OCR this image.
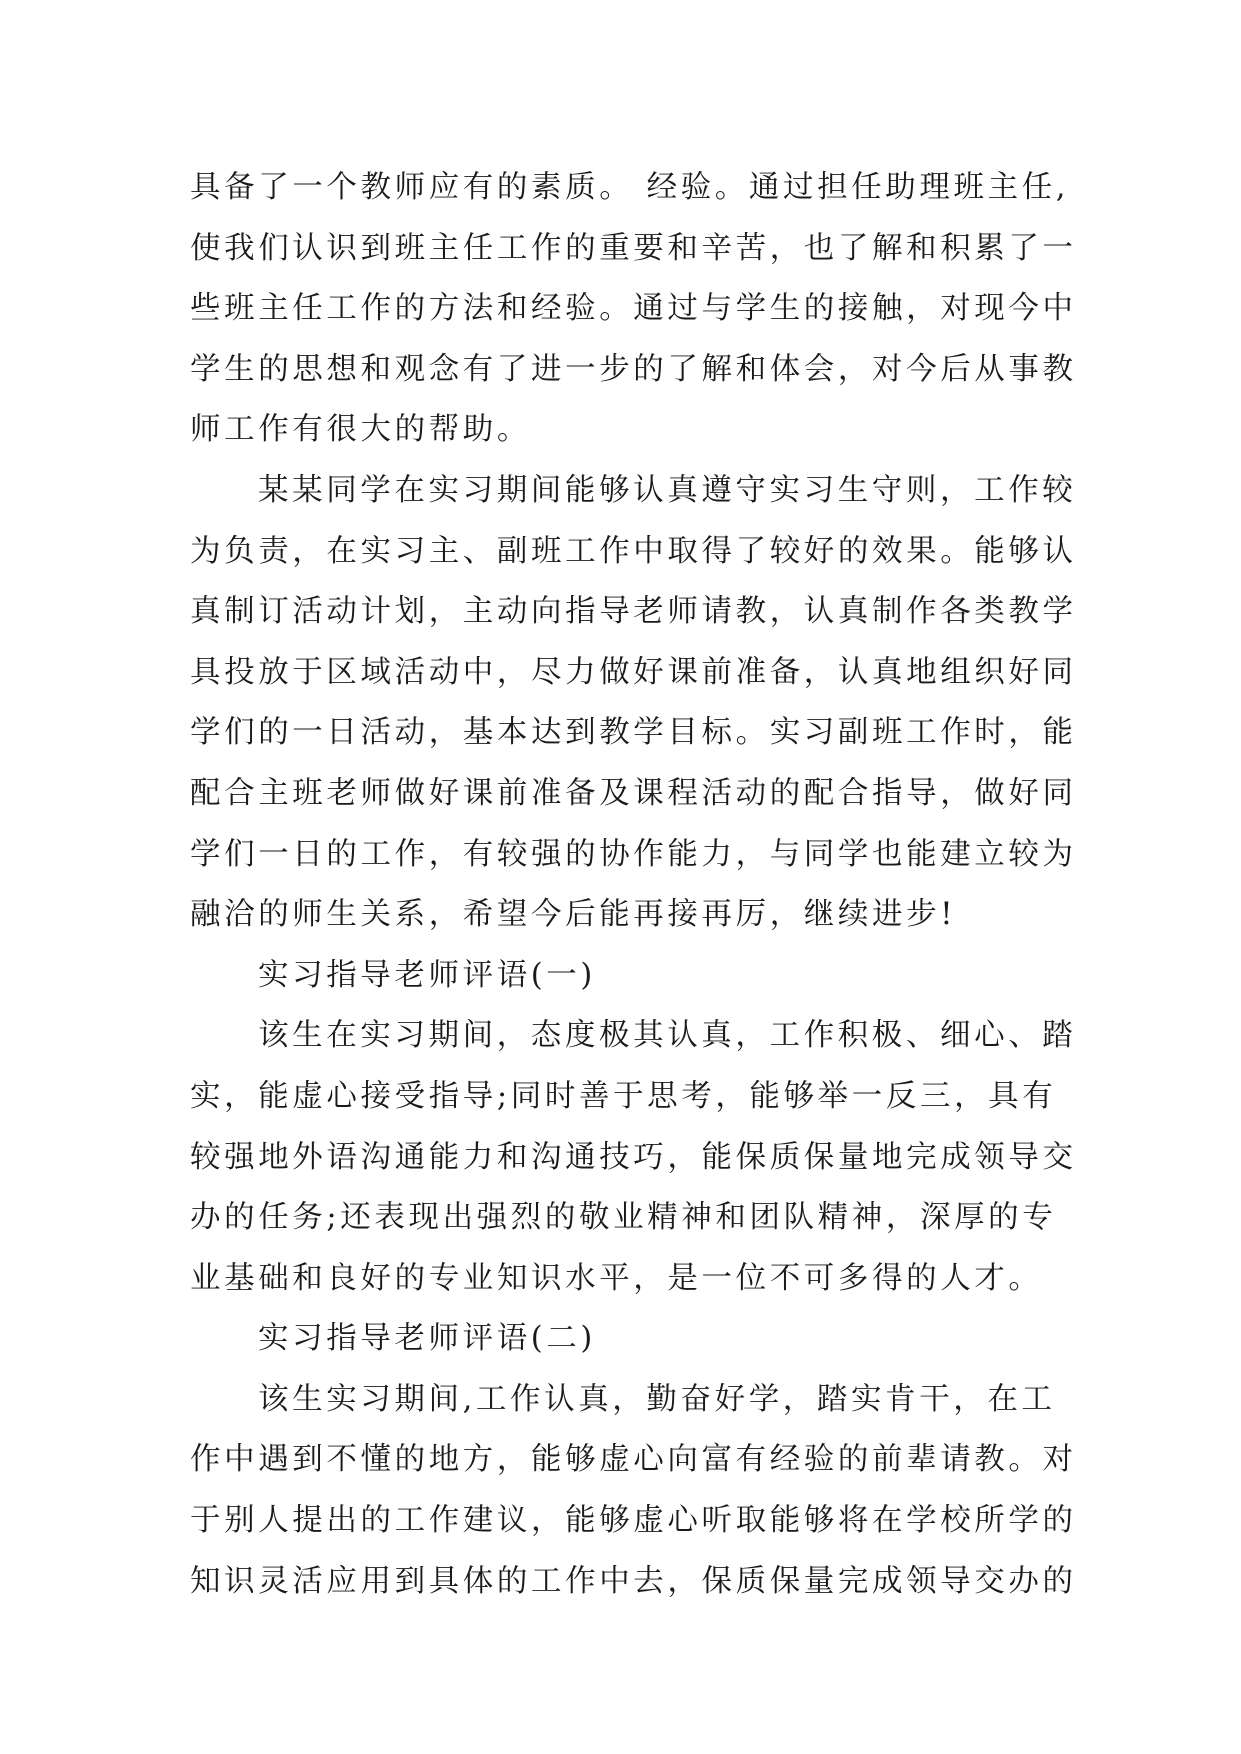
具备了一个教师应有的素质。 经验。通过担任助理班主任,
使我们认识到班主任工作的重要和辛苦，也了解和积累了一
些班主任工作的方法和经验。通过与学生的接触，对现今中
学生的思想和观念有了进一步的了解和体会，对今后从事教
师工作有很大的帮助。

某某同学在实习期间能够认真遵守实习生守则，工作较
为负责，在实习主、副班工作中取得了较好的效果。能够认
真制订活动计划，主动向指导老师请教，认真制作各类教学
具投放于区域活动中，尽力做好课前准备，认真地组织好同
学们的一日活动，基本达到教学目标。实习副班工作时，能
配合主班老师做好课前准备及课程活动的配合指导，做好同
学们一日的工作，有较强的协作能力，与同学也能建立较为
融洽的师生关系，希望今后能再接再厉，继续进步!

实习指导老师评语(一)

该生在实习期间，态度极其认真，工作积极、细心、踏
实，能虚心接受指导;同时善于思考，能够举一反三，具有
较强地外语沟通能力和沟通技巧，能保质保量地完成领导交
办的任务;还表现出强烈的敬业精神和团队精神，深厚的专
业基础和良好的专业知识水平，是一位不可多得的人才。

实习指导老师评语(二)

该生实习期间,工作认真，勤奋好学，踏实肯干，在工
作中遇到不懂的地方，能够虚心向富有经验的前辈请教。对
于别人提出的工作建议，能够虚心听取能够将在学校所学的
知识灵活应用到具体的工作中去，保质保量完成领导交办的
